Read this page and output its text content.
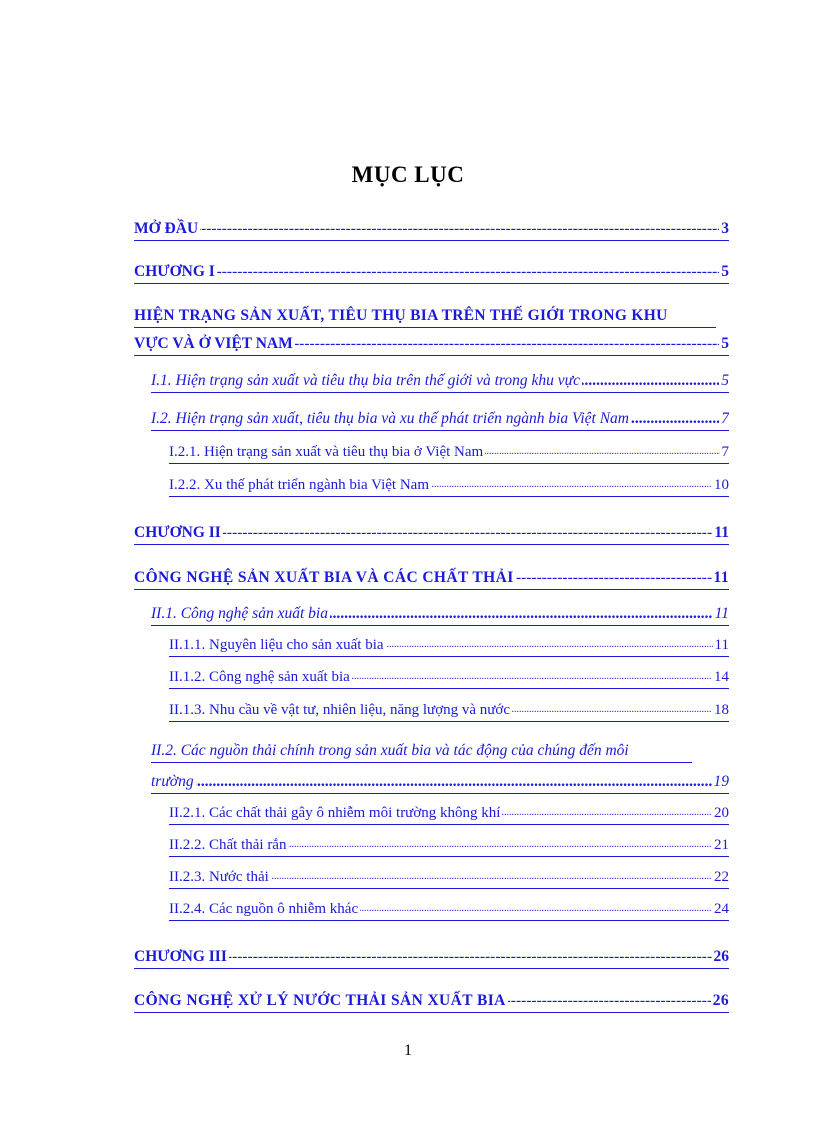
MỤC LỤC
-----
MỞ ĐẦU	3
-----
CHƯƠNG I	5
HIỆN TRẠNG SẢN XUẤT, TIÊU THỤ BIA TRÊN THẾ GIỚI TRONG KHU
-----
VỰC VÀ Ở VIỆT NAM	5
.....
I.1. Hiện trạng sản xuất và tiêu thụ bia trên thế giới và trong khu vực	5
.....
I.2. Hiện trạng sản xuất, tiêu thụ bia và xu thế phát triển ngành bia Việt Nam	7
.....
I.2.1. Hiện trạng sản xuất và tiêu thụ bia ở Việt Nam	7
.....
I.2.2. Xu thế phát triển ngành bia Việt Nam	10
-----
CHƯƠNG II	11
-----
CÔNG NGHỆ SẢN XUẤT BIA VÀ CÁC CHẤT THẢI	11
.....
II.1. Công nghệ sản xuất bia	11
.....
II.1.1. Nguyên liệu cho sản xuất bia	11
.....
II.1.2. Công nghệ sản xuất bia	14
.....
II.1.3. Nhu cầu về vật tư, nhiên liệu, năng lượng và nước	18
II.2. Các nguồn thải chính trong sản xuất bia và tác động của chúng đến môi
.....
trường	19
.....
II.2.1. Các chất thải gây ô nhiễm môi trường không khí	20
.....
II.2.2. Chất thải rắn	21
.....
II.2.3. Nước thải	22
.....
II.2.4. Các nguồn ô nhiễm khác	24
-----
CHƯƠNG III	26
-----
CÔNG NGHỆ XỬ LÝ NƯỚC THẢI SẢN XUẤT BIA	26
1
